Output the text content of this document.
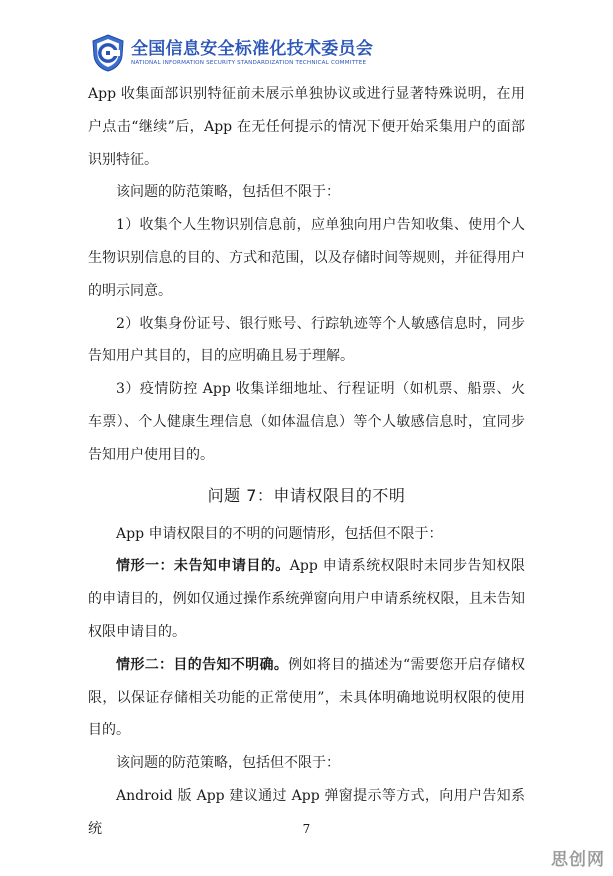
全国信息安全标准化技术委员会
NATIONAL INFORMATION SECURITY STANDARDIZATION TECHNICAL COMMITTEE

App 收集面部识别特征前未展示单独协议或进行显著特殊说明，在用户点击“继续”后，App 在无任何提示的情况下便开始采集用户的面部识别特征。

该问题的防范策略，包括但不限于：

1）收集个人生物识别信息前，应单独向用户告知收集、使用个人生物识别信息的目的、方式和范围，以及存储时间等规则，并征得用户的明示同意。

2）收集身份证号、银行账号、行踪轨迹等个人敏感信息时，同步告知用户其目的，目的应明确且易于理解。

3）疫情防控 App 收集详细地址、行程证明（如机票、船票、火车票）、个人健康生理信息（如体温信息）等个人敏感信息时，宜同步告知用户使用目的。

问题 7：申请权限目的不明

App 申请权限目的不明的问题情形，包括但不限于：

情形一：未告知申请目的。App 申请系统权限时未同步告知权限的申请目的，例如仅通过操作系统弹窗向用户申请系统权限，且未告知权限申请目的。

情形二：目的告知不明确。例如将目的描述为“需要您开启存储权限，以保证存储相关功能的正常使用”，未具体明确地说明权限的使用目的。

该问题的防范策略，包括但不限于：

Android 版 App 建议通过 App 弹窗提示等方式，向用户告知系统	7
思创网
